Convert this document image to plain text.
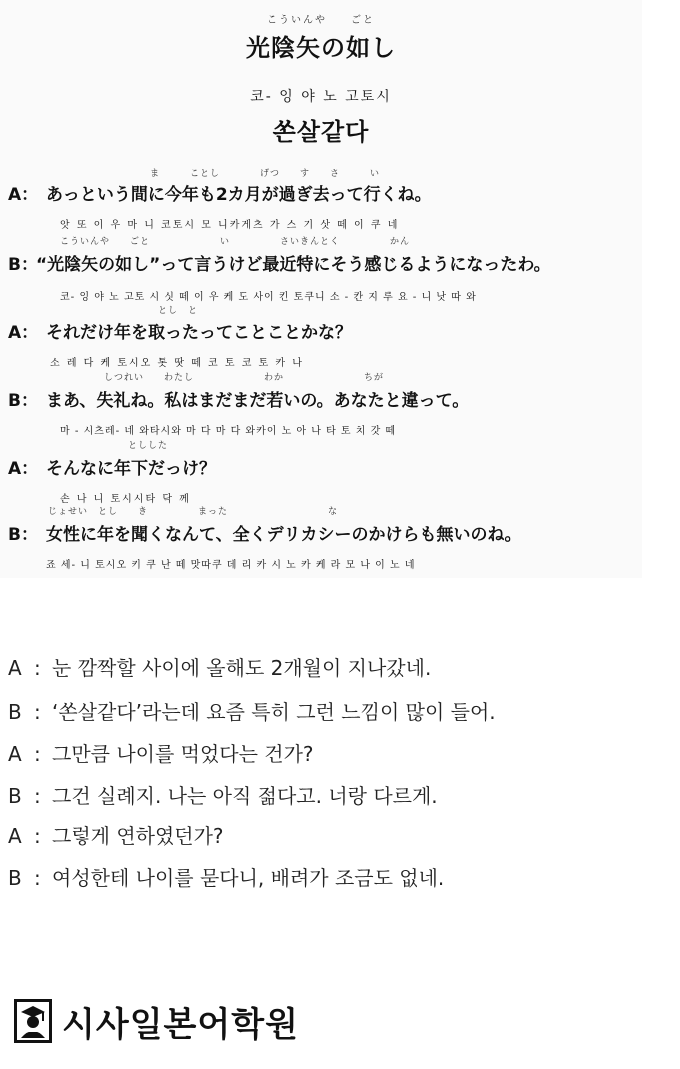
こういんや　　ごと
光陰矢の如し
코- 잉 야 노 고토시
쏜살같다
ま　　　ことし　　　　げつ　　す　　さ　　　い
A： あっという間に今年も2カ月が過ぎ去って行くね。
앗 또 이 우 마 니 코토시 모 니카게츠 가 스 기 삿 떼 이 쿠 네
こういんや　　ごと　　　　　　　い　　　　　さいきんとく　　　　　かん
B：
“光陰矢の如し”って言うけど最近特にそう感じるようになったわ。
코- 잉 야 노 고토 시 싯 떼 이 우 케 도 사이 킨 토쿠니 소 - 칸 지 루 요 - 니 낫 따 와
とし　と
A： それだけ年を取ったってことことかな？
소 레 다 케 토시오 톳 땃 떼 코 토 코 토 카 나
しつれい　　わたし　　　　　　　わか　　　　　　　　ちが
B： まあ、失礼ね。私はまだまだ若いの。あなたと違って。
마 - 시츠레- 네 와타시와 마 다 마 다 와카이 노 아 나 타 토 치 갓 떼
としした
A： そんなに年下だっけ？
손 나 니 토시시타 닥 께
じょせい　とし　　き　　　　　まった　　　　　　　　　　な
B： 女性に年を聞くなんて、全くデリカシーのかけらも無いのね。
죠 세- 니 토시오 키 쿠 난 떼 맛따쿠 데 리 카 시 노 카 케 라 모 나 이 노 네
A : 눈 깜짝할 사이에 올해도 2개월이 지나갔네.
B : ‘쏜살같다’라는데 요즘 특히 그런 느낌이 많이 들어.
A : 그만큼 나이를 먹었다는 건가?
B : 그건 실례지. 나는 아직 젊다고. 너랑 다르게.
A : 그렇게 연하였던가?
B : 여성한테 나이를 묻다니, 배려가 조금도 없네.
시사일본어학원
